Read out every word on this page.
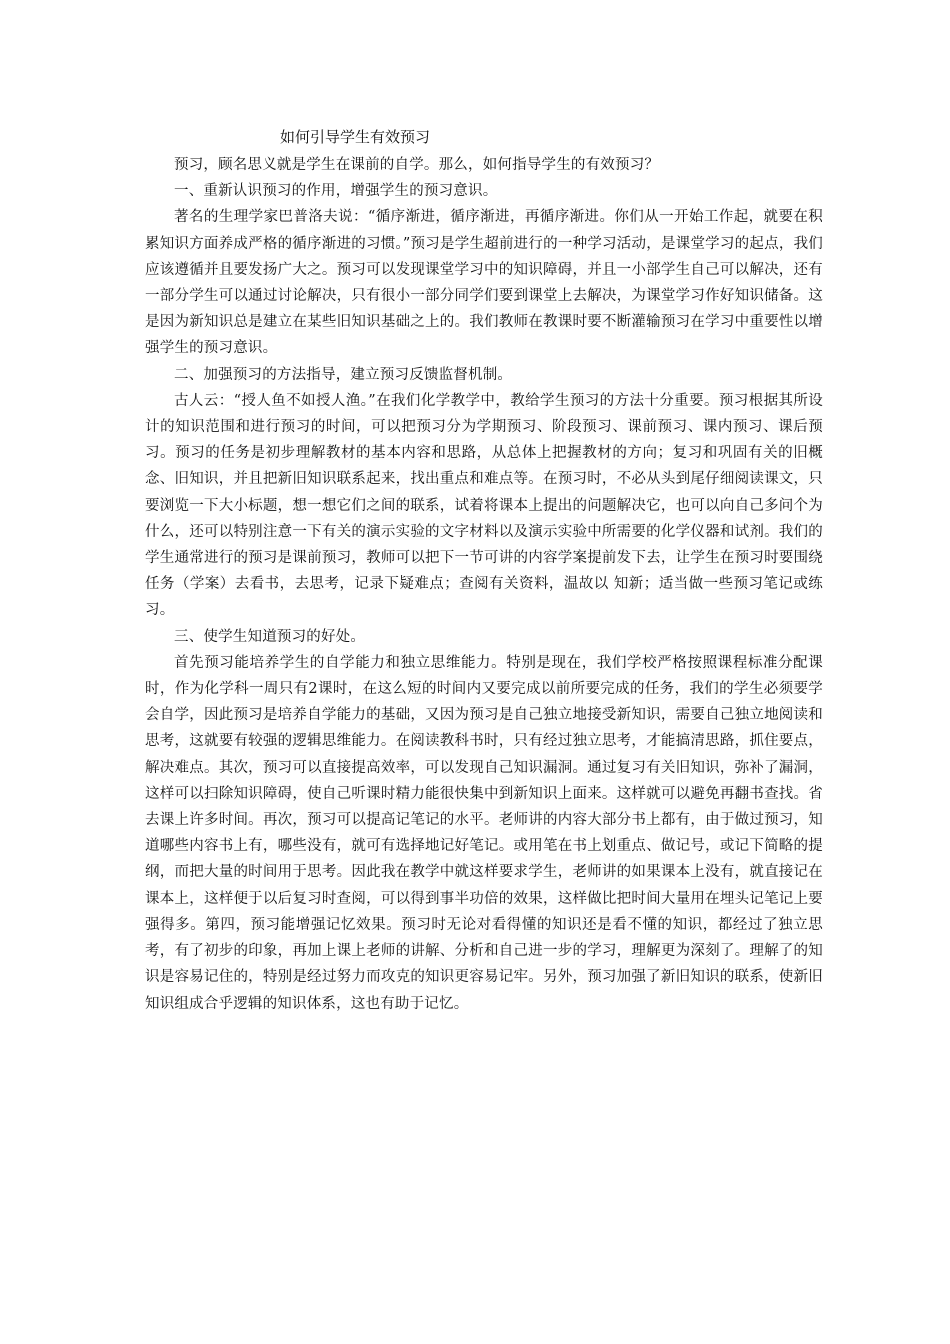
如何引导学生有效预习

预习，顾名思义就是学生在课前的自学。那么，如何指导学生的有效预习？

一、重新认识预习的作用，增强学生的预习意识。

著名的生理学家巴普洛夫说：“循序渐进，循序渐进，再循序渐进。你们从一开始工作起，就要在积累知识方面养成严格的循序渐进的习惯。”预习是学生超前进行的一种学习活动，是课堂学习的起点，我们应该遵循并且要发扬广大之。预习可以发现课堂学习中的知识障碍，并且一小部学生自己可以解决，还有一部分学生可以通过讨论解决，只有很小一部分同学们要到课堂上去解决，为课堂学习作好知识储备。这是因为新知识总是建立在某些旧知识基础之上的。我们教师在教课时要不断灌输预习在学习中重要性以增强学生的预习意识。

二、加强预习的方法指导，建立预习反馈监督机制。

古人云：“授人鱼不如授人渔。”在我们化学教学中，教给学生预习的方法十分重要。预习根据其所设计的知识范围和进行预习的时间，可以把预习分为学期预习、阶段预习、课前预习、课内预习、课后预习。预习的任务是初步理解教材的基本内容和思路，从总体上把握教材的方向；复习和巩固有关的旧概念、旧知识，并且把新旧知识联系起来，找出重点和难点等。在预习时，不必从头到尾仔细阅读课文，只要浏览一下大小标题，想一想它们之间的联系，试着将课本上提出的问题解决它，也可以向自己多问个为什么，还可以特别注意一下有关的演示实验的文字材料以及演示实验中所需要的化学仪器和试剂。我们的学生通常进行的预习是课前预习，教师可以把下一节可讲的内容学案提前发下去，让学生在预习时要围绕任务（学案）去看书，去思考，记录下疑难点；查阅有关资料，温故以 知新；适当做一些预习笔记或练习。

三、使学生知道预习的好处。

首先预习能培养学生的自学能力和独立思维能力。特别是现在，我们学校严格按照课程标准分配课时，作为化学科一周只有2课时，在这么短的时间内又要完成以前所要完成的任务，我们的学生必须要学会自学，因此预习是培养自学能力的基础，又因为预习是自己独立地接受新知识，需要自己独立地阅读和思考，这就要有较强的逻辑思维能力。在阅读教科书时，只有经过独立思考，才能搞清思路，抓住要点，解决难点。其次，预习可以直接提高效率，可以发现自己知识漏洞。通过复习有关旧知识，弥补了漏洞，这样可以扫除知识障碍，使自己听课时精力能很快集中到新知识上面来。这样就可以避免再翻书查找。省去课上许多时间。再次，预习可以提高记笔记的水平。老师讲的内容大部分书上都有，由于做过预习，知道哪些内容书上有，哪些没有，就可有选择地记好笔记。或用笔在书上划重点、做记号，或记下简略的提纲，而把大量的时间用于思考。因此我在教学中就这样要求学生，老师讲的如果课本上没有，就直接记在课本上，这样便于以后复习时查阅，可以得到事半功倍的效果，这样做比把时间大量用在埋头记笔记上要强得多。第四，预习能增强记忆效果。预习时无论对看得懂的知识还是看不懂的知识，都经过了独立思考，有了初步的印象，再加上课上老师的讲解、分析和自己进一步的学习，理解更为深刻了。理解了的知识是容易记住的，特别是经过努力而攻克的知识更容易记牢。另外，预习加强了新旧知识的联系，使新旧知识组成合乎逻辑的知识体系，这也有助于记忆。
